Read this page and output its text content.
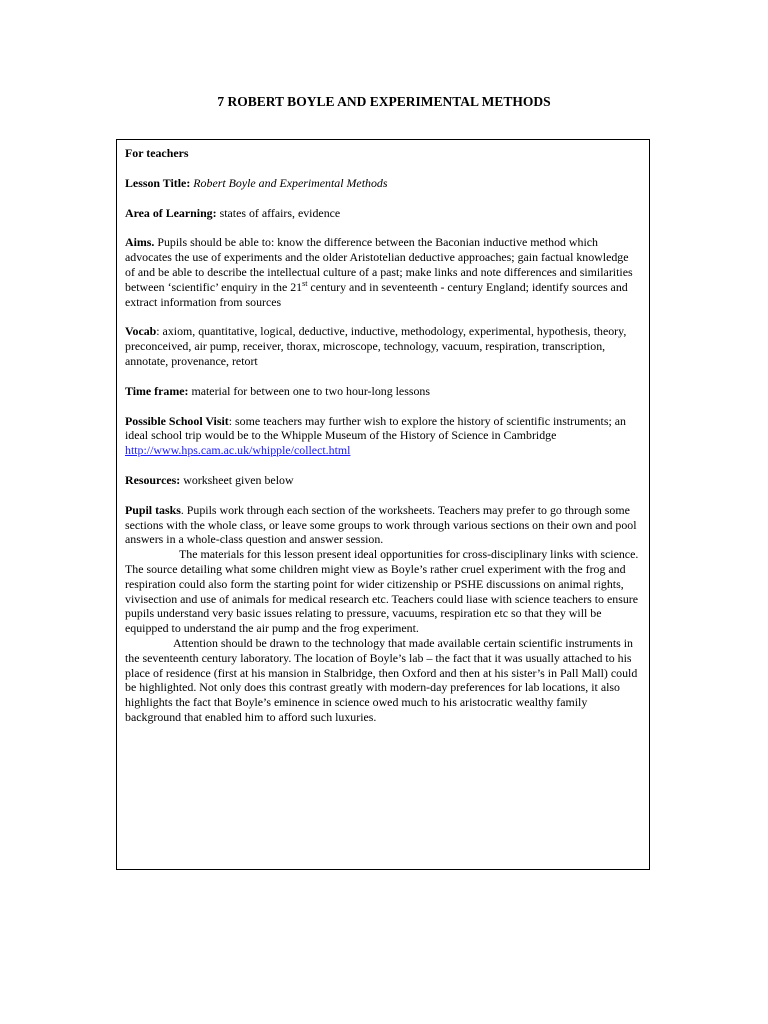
7 ROBERT BOYLE AND EXPERIMENTAL METHODS

For teachers

Lesson Title: Robert Boyle and Experimental Methods

Area of Learning: states of affairs, evidence

Aims. Pupils should be able to: know the difference between the Baconian inductive method which advocates the use of experiments and the older Aristotelian deductive approaches; gain factual knowledge of and be able to describe the intellectual culture of a past; make links and note differences and similarities between ‘scientific’ enquiry in the 21st century and in seventeenth - century England; identify sources and extract information from sources

Vocab: axiom, quantitative, logical, deductive, inductive, methodology, experimental, hypothesis, theory, preconceived, air pump, receiver, thorax, microscope, technology, vacuum, respiration, transcription, annotate, provenance, retort

Time frame: material for between one to two hour-long lessons

Possible School Visit: some teachers may further wish to explore the history of scientific instruments; an ideal school trip would be to the Whipple Museum of the History of Science in Cambridge http://www.hps.cam.ac.uk/whipple/collect.html

Resources: worksheet given below

Pupil tasks. Pupils work through each section of the worksheets. Teachers may prefer to go through some sections with the whole class, or leave some groups to work through various sections on their own and pool answers in a whole-class question and answer session.

The materials for this lesson present ideal opportunities for cross-disciplinary links with science. The source detailing what some children might view as Boyle’s rather cruel experiment with the frog and respiration could also form the starting point for wider citizenship or PSHE discussions on animal rights, vivisection and use of animals for medical research etc. Teachers could liase with science teachers to ensure pupils understand very basic issues relating to pressure, vacuums, respiration etc so that they will be equipped to understand the air pump and the frog experiment.

Attention should be drawn to the technology that made available certain scientific instruments in the seventeenth century laboratory. The location of Boyle’s lab – the fact that it was usually attached to his place of residence (first at his mansion in Stalbridge, then Oxford and then at his sister’s in Pall Mall) could be highlighted. Not only does this contrast greatly with modern-day preferences for lab locations, it also highlights the fact that Boyle’s eminence in science owed much to his aristocratic wealthy family background that enabled him to afford such luxuries.
